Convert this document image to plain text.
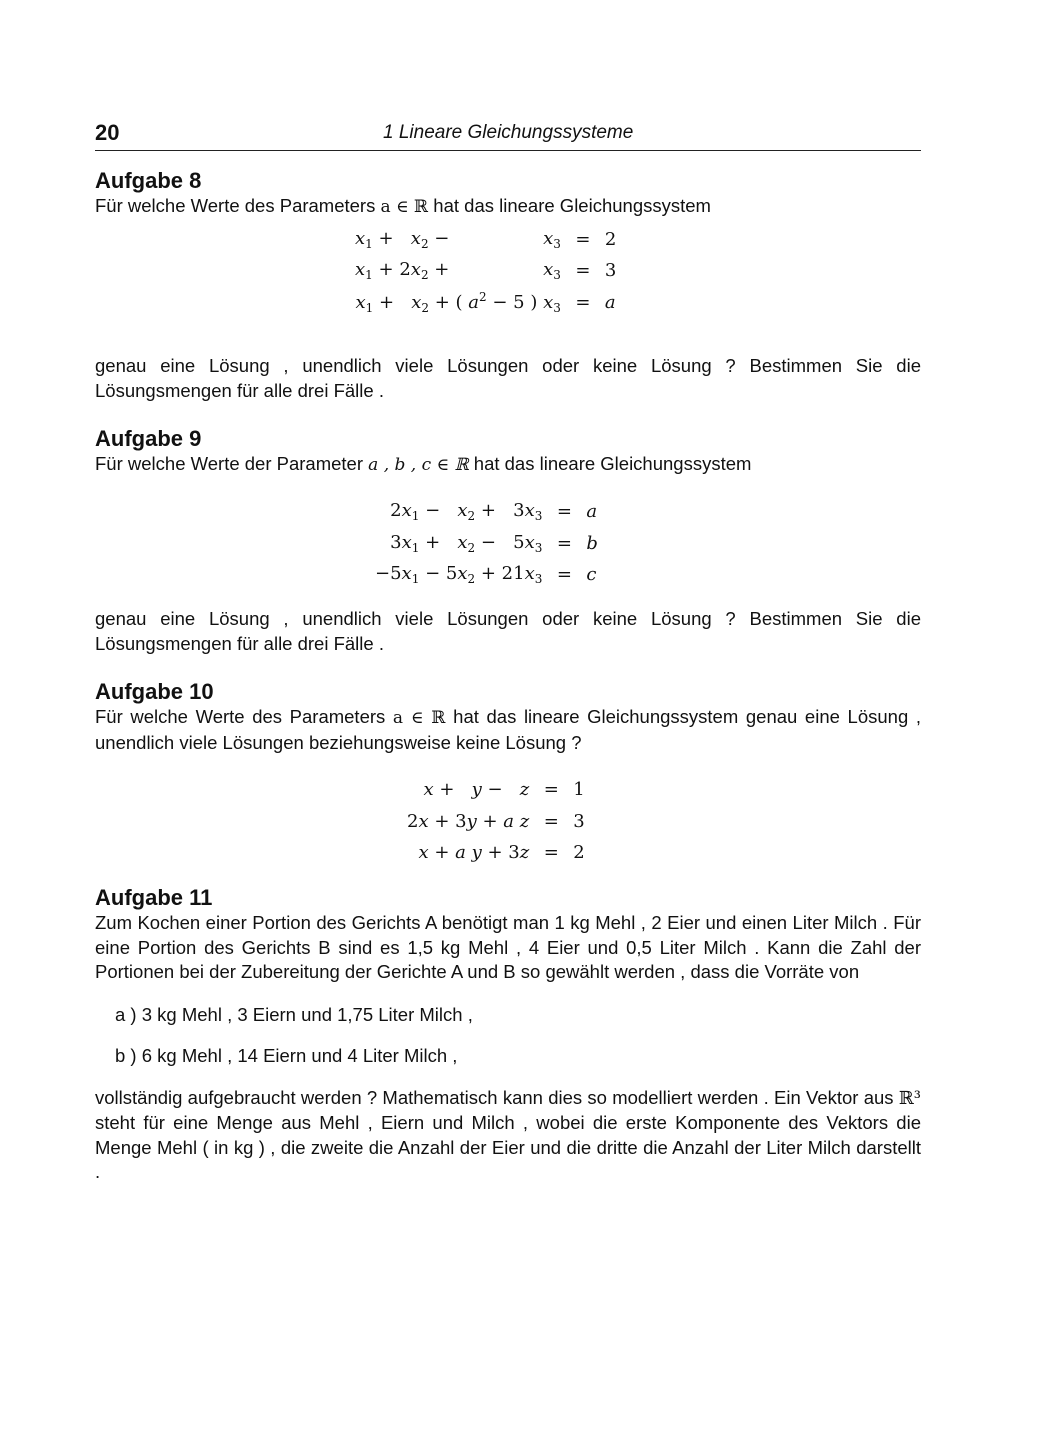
20	1 Lineare Gleichungssysteme
Aufgabe 8

Für welche Werte des Parameters a ∈ ℝ hat das lineare Gleichungssystem

$x_1 + x_2 - x_3$	=	2
$x_1 + 2x_2 + x_3$	=	3
$x_1 + x_2$ + ( $a^2 - 5$ ) $x_3$	=	a

genau eine Lösung , unendlich viele Lösungen oder keine Lösung ? Bestimmen Sie die Lösungsmengen für alle drei Fälle .

Aufgabe 9

Für welche Werte der Parameter a , b , c ∈ ℝ hat das lineare Gleichungssystem

$2x_1 - x_2 + 3x_3$	=	a
$3x_1 + x_2 - 5x_3$	=	b
$-5x_1 - 5x_2 + 21x_3$	=	c

genau eine Lösung , unendlich viele Lösungen oder keine Lösung ? Bestimmen Sie die Lösungsmengen für alle drei Fälle .

Aufgabe 10

Für welche Werte des Parameters a ∈ ℝ hat das lineare Gleichungssystem genau eine Lösung , unendlich viele Lösungen beziehungsweise keine Lösung ?

x +   y −   z	=	1
2x + 3y + a z	=	3
x + a y + 3z	=	2
Aufgabe 11

Zum Kochen einer Portion des Gerichts A benötigt man 1 kg Mehl , 2 Eier und einen Liter Milch . Für eine Portion des Gerichts B sind es 1,5 kg Mehl , 4 Eier und 0,5 Liter Milch . Kann die Zahl der Portionen bei der Zubereitung der Gerichte A und B so gewählt werden , dass die Vorräte von

a ) 3 kg Mehl , 3 Eiern und 1,75 Liter Milch ,
b ) 6 kg Mehl , 14 Eiern und 4 Liter Milch ,

vollständig aufgebraucht werden ? Mathematisch kann dies so modelliert werden . Ein Vektor aus ℝ³ steht für eine Menge aus Mehl , Eiern und Milch , wobei die erste Komponente des Vektors die Menge Mehl ( in kg ) , die zweite die Anzahl der Eier und die dritte die Anzahl der Liter Milch darstellt .
